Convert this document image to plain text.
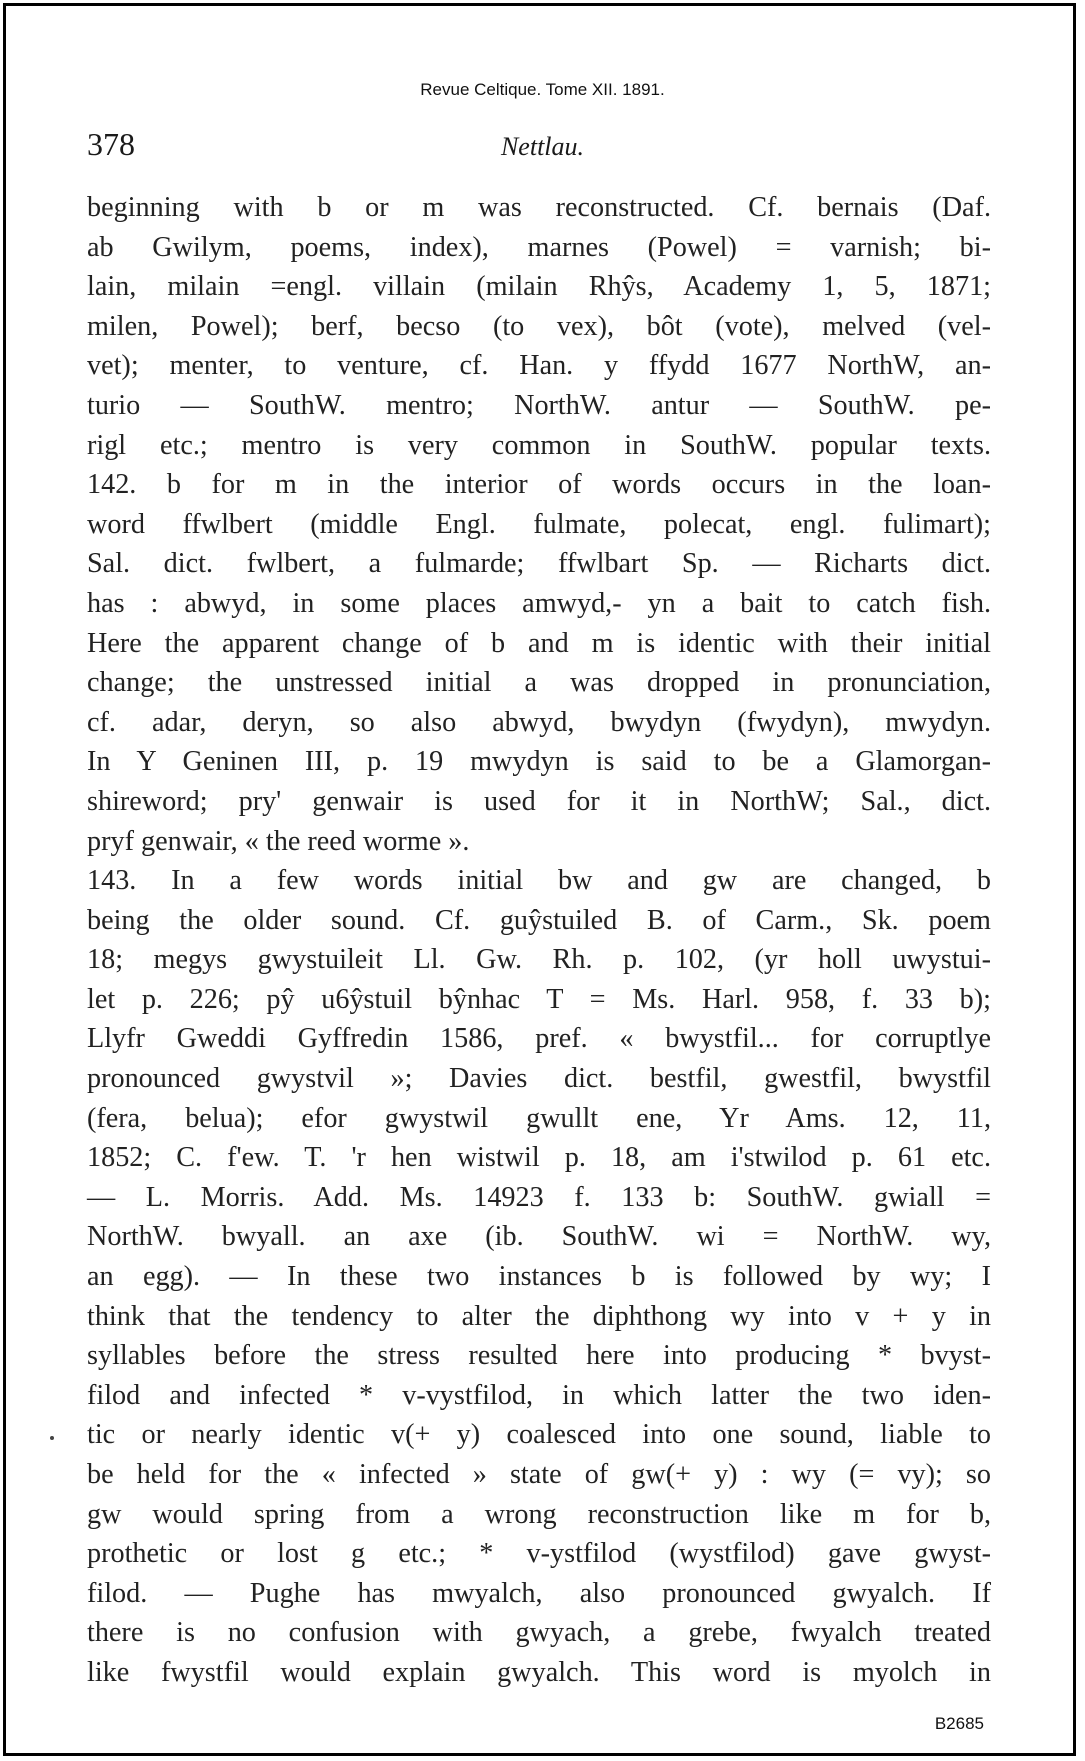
Revue Celtique. Tome XII. 1891.
378	Nettlau.
beginning with b or m was reconstructed. Cf. bernais (Daf.
ab Gwilym, poems, index), marnes (Powel) = varnish; bi-
lain, milain =engl. villain (milain Rhŷs, Academy 1, 5, 1871;
milen, Powel); berf, becso (to vex), bôt (vote), melved (vel-
vet); menter, to venture, cf. Han. y ffydd 1677 NorthW, an-
turio — SouthW. mentro; NorthW. antur — SouthW. pe-
rigl etc.; mentro is very common in SouthW. popular texts.
142. b for m in the interior of words occurs in the loan-
word ffwlbert (middle Engl. fulmate, polecat, engl. fulimart);
Sal. dict. fwlbert, a fulmarde; ffwlbart Sp. — Richarts dict.
has : abwyd, in some places amwyd,- yn a bait to catch fish.
Here the apparent change of b and m is identic with their initial
change; the unstressed initial a was dropped in pronunciation,
cf. adar, deryn, so also abwyd, bwydyn (fwydyn), mwydyn.
In Y Geninen III, p. 19 mwydyn is said to be a Glamorgan-
shireword; pry' genwair is used for it in NorthW; Sal., dict.
pryf genwair, « the reed worme ».
143. In a few words initial bw and gw are changed, b
being the older sound. Cf. guŷstuiled B. of Carm., Sk. poem
18; megys gwystuileit Ll. Gw. Rh. p. 102, (yr holl uwystui-
let p. 226; pŷ u6ŷstuil bŷnhac T = Ms. Harl. 958, f. 33 b);
Llyfr Gweddi Gyffredin 1586, pref. « bwystfil... for corruptlye
pronounced gwystvil »; Davies dict. bestfil, gwestfil, bwystfil
(fera, belua); efor gwystwil gwullt ene, Yr Ams. 12, 11,
1852; C. f'ew. T. 'r hen wistwil p. 18, am i'stwilod p. 61 etc.
— L. Morris. Add. Ms. 14923 f. 133 b: SouthW. gwiall =
NorthW. bwyall. an axe (ib. SouthW. wi = NorthW. wy,
an egg). — In these two instances b is followed by wy; I
think that the tendency to alter the diphthong wy into v + y in
syllables before the stress resulted here into producing * bvyst-
filod and infected * v-vystfilod, in which latter the two iden-
tic or nearly identic v(+ y) coalesced into one sound, liable to
be held for the « infected » state of gw(+ y) : wy (= vy); so
gw would spring from a wrong reconstruction like m for b,
prothetic or lost g etc.; * v-ystfilod (wystfilod) gave gwyst-
filod. — Pughe has mwyalch, also pronounced gwyalch. If
there is no confusion with gwyach, a grebe, fwyalch treated
like fwystfil would explain gwyalch. This word is myolch in
B2685
